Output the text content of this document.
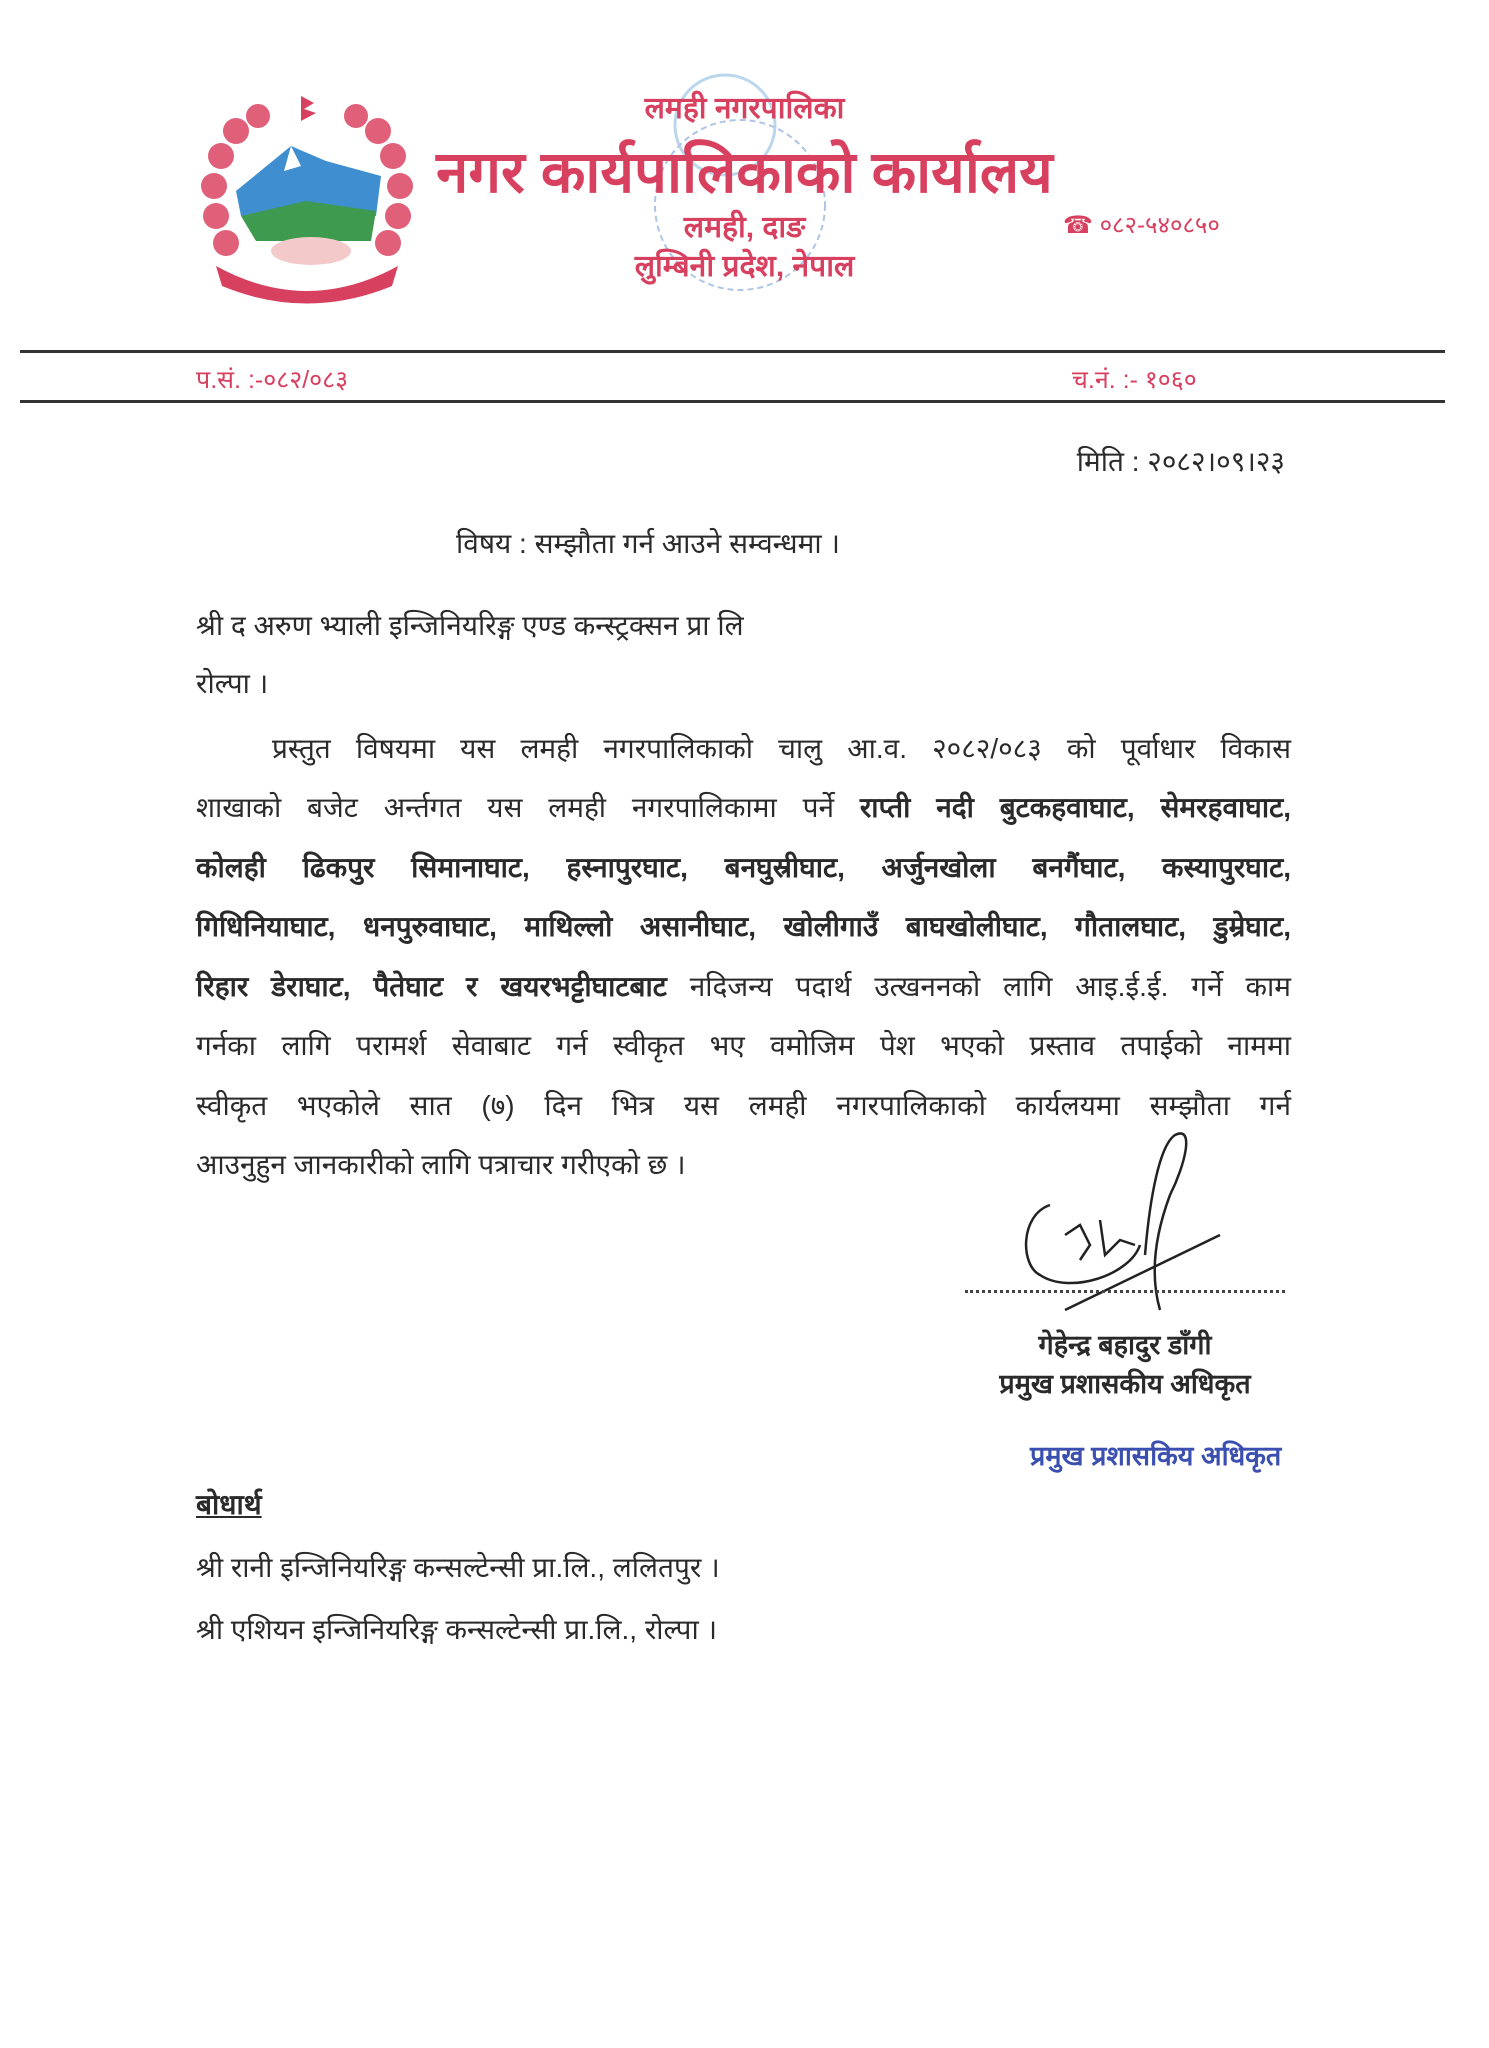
लमही नगरपालिका
नगर कार्यपालिकाको कार्यालय
लमही, दाङ
लुम्बिनी प्रदेश, नेपाल
☎ ०८२-५४०८५०
प.सं. :-०८२/०८३	च.नं. :- १०६०
मिति : २०८२।०९।२३
विषय : सम्झौता गर्न आउने सम्वन्धमा ।
श्री द अरुण भ्याली इन्जिनियरिङ्ग एण्ड कन्स्ट्रक्सन प्रा लि
रोल्पा ।
प्रस्तुत विषयमा यस लमही नगरपालिकाको चालु आ.व. २०८२/०८३ को पूर्वाधार विकास
शाखाको बजेट अर्न्तगत यस लमही नगरपालिकामा पर्ने राप्ती नदी बुटकहवाघाट, सेमरहवाघाट,
कोलही ढिकपुर सिमानाघाट, हस्नापुरघाट, बनघुस्रीघाट, अर्जुनखोला बनगैंघाट, कस्यापुरघाट,
गिधिनियाघाट, धनपुरुवाघाट, माथिल्लो असानीघाट, खोलीगाउँ बाघखोलीघाट, गौतालघाट, डुम्रेघाट,
रिहार डेराघाट, पैतेघाट र खयरभट्टीघाटबाट नदिजन्य पदार्थ उत्खननको लागि आइ.ई.ई. गर्ने काम
गर्नका लागि परामर्श सेवाबाट गर्न स्वीकृत भए वमोजिम पेश भएको प्रस्ताव तपाईको नाममा
स्वीकृत भएकोले सात (७) दिन भित्र यस लमही नगरपालिकाको कार्यलयमा सम्झौता गर्न
आउनुहुन जानकारीको लागि पत्राचार गरीएको छ ।
गेहेन्द्र बहादुर डाँगी
प्रमुख प्रशासकीय अधिकृत
प्रमुख प्रशासकिय अधिकृत
बोधार्थ
श्री रानी इन्जिनियरिङ्ग कन्सल्टेन्सी प्रा.लि., ललितपुर ।
श्री एशियन इन्जिनियरिङ्ग कन्सल्टेन्सी प्रा.लि., रोल्पा ।
